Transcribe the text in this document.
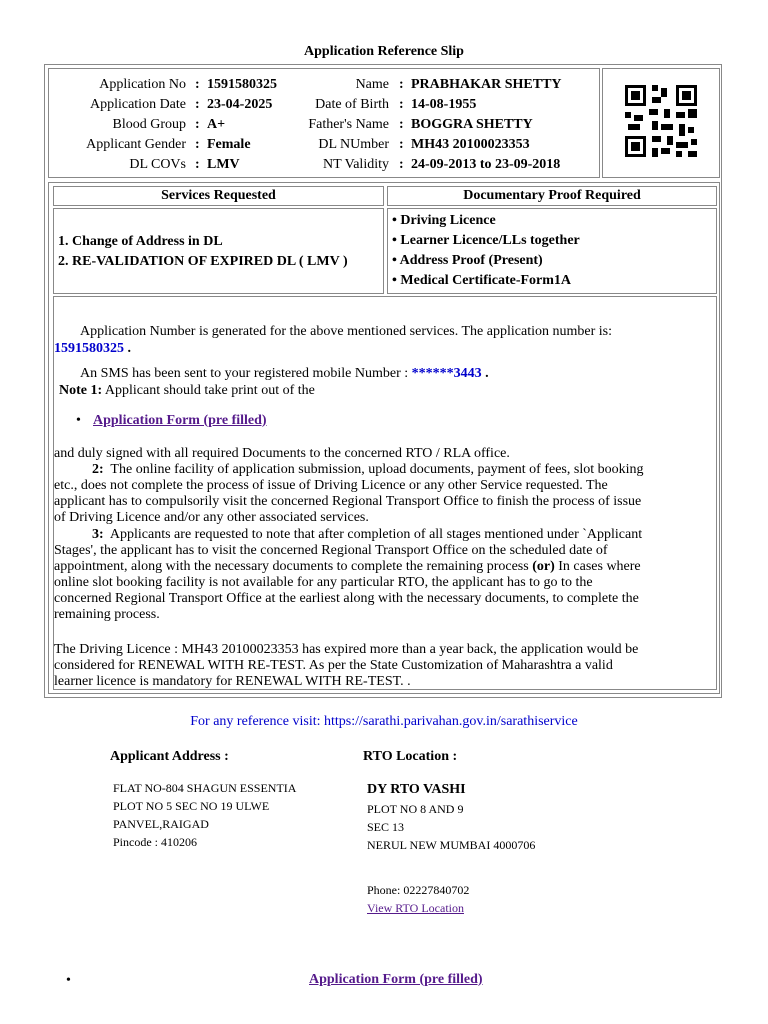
Application Reference Slip
Application No
Application Date
Blood Group
Applicant Gender
DL COVs
:
:
:
:
:
1591580325
23-04-2025
A+
Female
LMV
Name
Date of Birth
Father's Name
DL NUmber
NT Validity
:
:
:
:
:
PRABHAKAR SHETTY
14-08-1955
BOGGRA SHETTY
MH43 20100023353
24-09-2013 to 23-09-2018
Services Requested	Documentary Proof Required
1. Change of Address in DL
2. RE-VALIDATION OF EXPIRED DL ( LMV )
• Driving Licence
• Learner Licence/LLs together
• Address Proof (Present)
• Medical Certificate-Form1A
Application Number is generated for the above mentioned services. The application number is:
1591580325 .
An SMS has been sent to your registered mobile Number : ******3443 .
Note 1: Applicant should take print out of the
• Application Form (pre filled)
and duly signed with all required Documents to the concerned RTO / RLA office.
2: The online facility of application submission, upload documents, payment of fees, slot booking
etc., does not complete the process of issue of Driving Licence or any other Service requested. The
applicant has to compulsorily visit the concerned Regional Transport Office to finish the process of issue
of Driving Licence and/or any other associated services.
3: Applicants are requested to note that after completion of all stages mentioned under `Applicant
Stages', the applicant has to visit the concerned Regional Transport Office on the scheduled date of
appointment, along with the necessary documents to complete the remaining process (or) In cases where
online slot booking facility is not available for any particular RTO, the applicant has to go to the
concerned Regional Transport Office at the earliest along with the necessary documents, to complete the
remaining process.
The Driving Licence : MH43 20100023353 has expired more than a year back, the application would be
considered for RENEWAL WITH RE-TEST. As per the State Customization of Maharashtra a valid
learner licence is mandatory for RENEWAL WITH RE-TEST. .
For any reference visit: https://sarathi.parivahan.gov.in/sarathiservice
Applicant Address :
FLAT NO-804 SHAGUN ESSENTIA
PLOT NO 5 SEC NO 19 ULWE
PANVEL,RAIGAD
Pincode : 410206
RTO Location :
DY RTO VASHI
PLOT NO 8 AND 9
SEC 13
NERUL NEW MUMBAI 4000706
Phone: 02227840702
View RTO Location
•	Application Form (pre filled)
